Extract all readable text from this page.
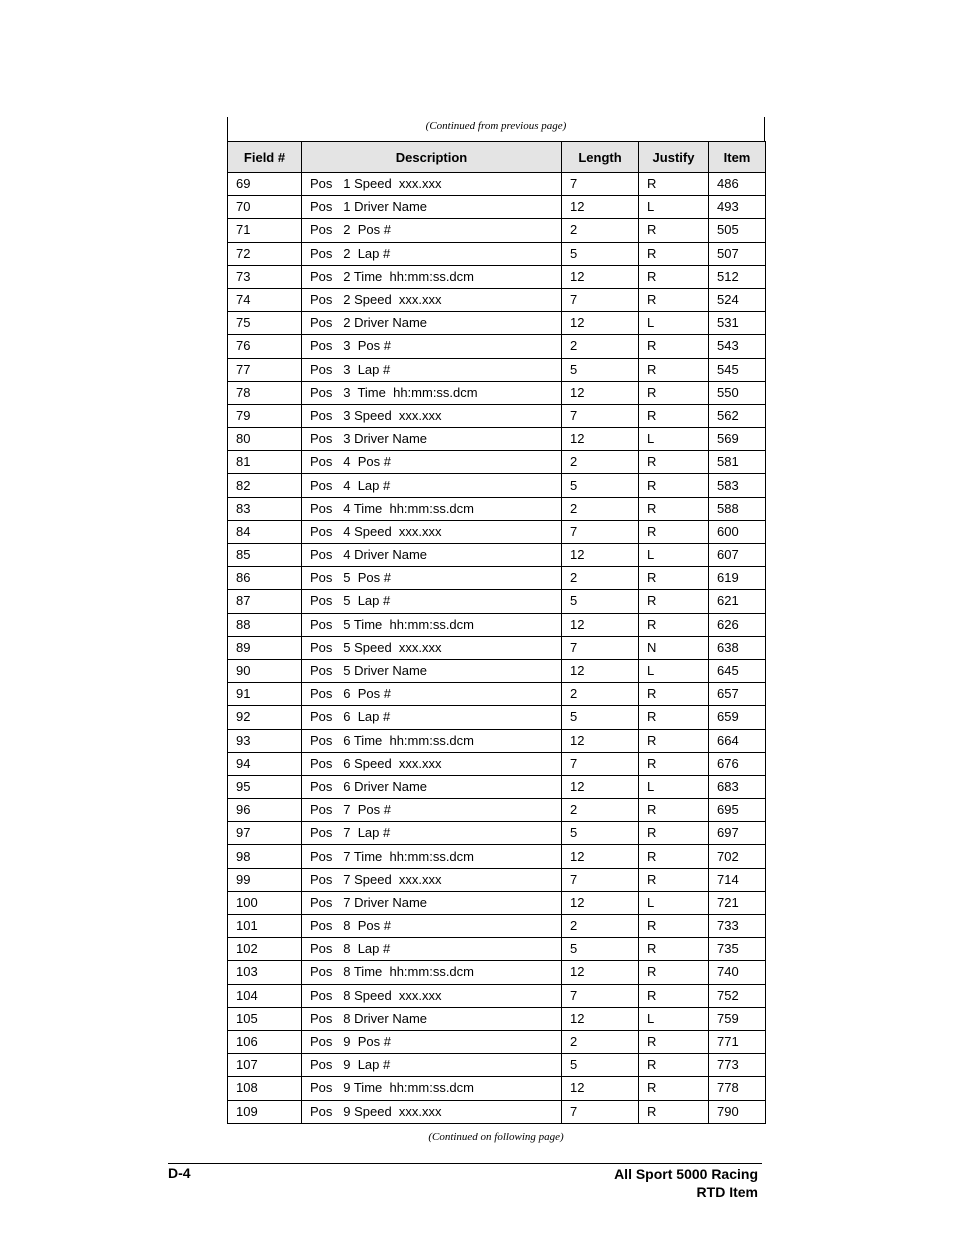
(Continued from previous page)
Field #	Description	Length	Justify	Item
69	Pos   1 Speed  xxx.xxx	7	R	486
70	Pos   1 Driver Name	12	L	493
71	Pos   2  Pos #	2	R	505
72	Pos   2  Lap #	5	R	507
73	Pos   2 Time  hh:mm:ss.dcm	12	R	512
74	Pos   2 Speed  xxx.xxx	7	R	524
75	Pos   2 Driver Name	12	L	531
76	Pos   3  Pos #	2	R	543
77	Pos   3  Lap #	5	R	545
78	Pos   3  Time  hh:mm:ss.dcm	12	R	550
79	Pos   3 Speed  xxx.xxx	7	R	562
80	Pos   3 Driver Name	12	L	569
81	Pos   4  Pos #	2	R	581
82	Pos   4  Lap #	5	R	583
83	Pos   4 Time  hh:mm:ss.dcm	2	R	588
84	Pos   4 Speed  xxx.xxx	7	R	600
85	Pos   4 Driver Name	12	L	607
86	Pos   5  Pos #	2	R	619
87	Pos   5  Lap #	5	R	621
88	Pos   5 Time  hh:mm:ss.dcm	12	R	626
89	Pos   5 Speed  xxx.xxx	7	N	638
90	Pos   5 Driver Name	12	L	645
91	Pos   6  Pos #	2	R	657
92	Pos   6  Lap #	5	R	659
93	Pos   6 Time  hh:mm:ss.dcm	12	R	664
94	Pos   6 Speed  xxx.xxx	7	R	676
95	Pos   6 Driver Name	12	L	683
96	Pos   7  Pos #	2	R	695
97	Pos   7  Lap #	5	R	697
98	Pos   7 Time  hh:mm:ss.dcm	12	R	702
99	Pos   7 Speed  xxx.xxx	7	R	714
100	Pos   7 Driver Name	12	L	721
101	Pos   8  Pos #	2	R	733
102	Pos   8  Lap #	5	R	735
103	Pos   8 Time  hh:mm:ss.dcm	12	R	740
104	Pos   8 Speed  xxx.xxx	7	R	752
105	Pos   8 Driver Name	12	L	759
106	Pos   9  Pos #	2	R	771
107	Pos   9  Lap #	5	R	773
108	Pos   9 Time  hh:mm:ss.dcm	12	R	778
109	Pos   9 Speed  xxx.xxx	7	R	790
(Continued on following page)
D-4	All Sport 5000 Racing
RTD Item
